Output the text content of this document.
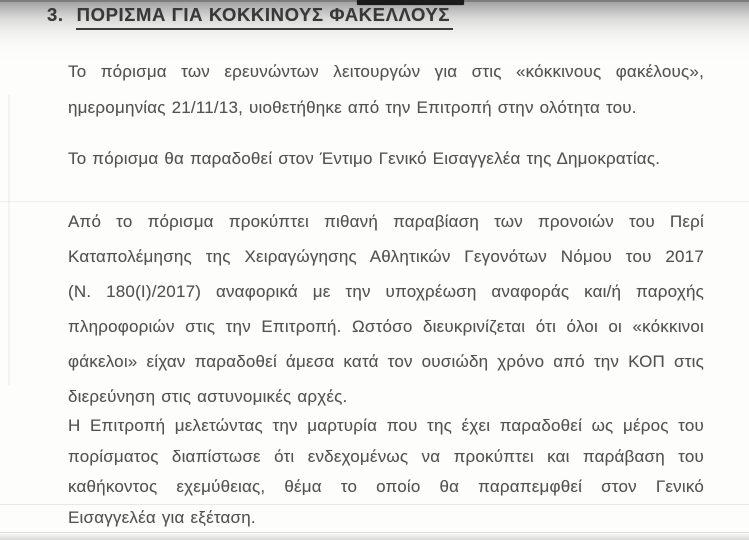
3. ΠΟΡΙΣΜΑ ΓΙΑ ΚΟΚΚΙΝΟΥΣ ΦΑΚΕΛΛΟΥΣ
Το πόρισμα των ερευνώντων λειτουργών για στις «κόκκινους φακέλους»,
ημερομηνίας 21/11/13, υιοθετήθηκε από την Επιτροπή στην ολότητα του.
Το πόρισμα θα παραδοθεί στον Έντιμο Γενικό Εισαγγελέα της Δημοκρατίας.
Από το πόρισμα προκύπτει πιθανή παραβίαση των προνοιών του Περί
Καταπολέμησης της Χειραγώγησης Αθλητικών Γεγονότων Νόμου του 2017
(Ν. 180(Ι)/2017) αναφορικά με την υποχρέωση αναφοράς και/ή παροχής
πληροφοριών στις την Επιτροπή. Ωστόσο διευκρινίζεται ότι όλοι οι «κόκκινοι
φάκελοι» είχαν παραδοθεί άμεσα κατά τον ουσιώδη χρόνο από την ΚΟΠ στις
διερεύνηση στις αστυνομικές αρχές.
Η Επιτροπή μελετώντας την μαρτυρία που της έχει παραδοθεί ως μέρος του
πορίσματος διαπίστωσε ότι ενδεχομένως να προκύπτει και παράβαση του
καθήκοντος εχεμύθειας, θέμα το οποίο θα παραπεμφθεί στον Γενικό
Εισαγγελέα για εξέταση.
